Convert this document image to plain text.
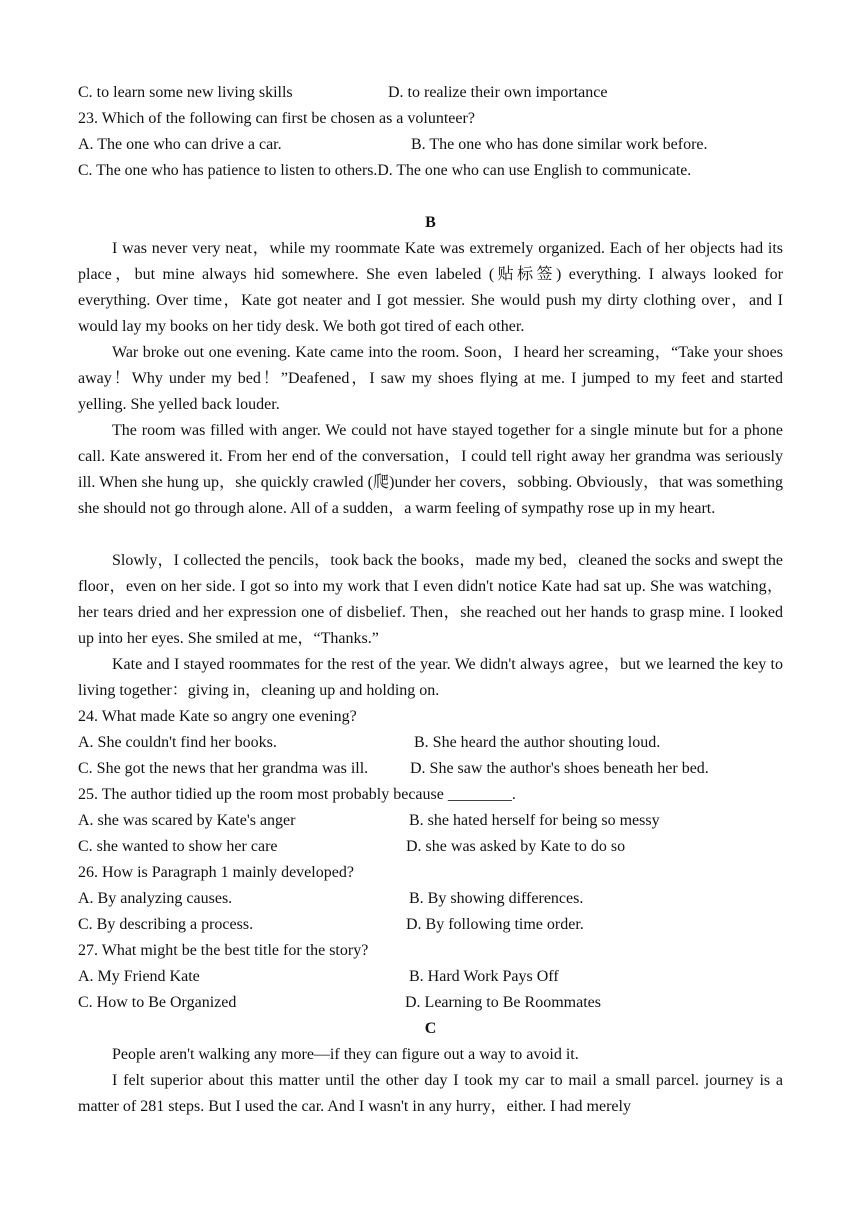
C. to learn some new living skills	D. to realize their own importance
23. Which of the following can first be chosen as a volunteer?
A. The one who can drive a car.	B. The one who has done similar work before.
C. The one who has patience to listen to others.D. The one who can use English to communicate.
B
I was never very neat，while my roommate Kate was extremely organized. Each of her objects had its place，but mine always hid somewhere. She even labeled (贴标签) everything. I always looked for everything. Over time，Kate got neater and I got messier. She would push my dirty clothing over，and I would lay my books on her tidy desk. We both got tired of each other.
War broke out one evening. Kate came into the room. Soon，I heard her screaming，“Take your shoes away！Why under my bed！”Deafened，I saw my shoes flying at me. I jumped to my feet and started yelling. She yelled back louder.
The room was filled with anger. We could not have stayed together for a single minute but for a phone call. Kate answered it. From her end of the conversation，I could tell right away her grandma was seriously ill. When she hung up，she quickly crawled (爬)under her covers，sobbing. Obviously，that was something she should not go through alone. All of a sudden，a warm feeling of sympathy rose up in my heart.
Slowly，I collected the pencils，took back the books，made my bed，cleaned the socks and swept the floor，even on her side. I got so into my work that I even didn't notice Kate had sat up. She was watching，her tears dried and her expression one of disbelief. Then，she reached out her hands to grasp mine. I looked up into her eyes. She smiled at me，“Thanks.”
Kate and I stayed roommates for the rest of the year. We didn't always agree，but we learned the key to living together：giving in，cleaning up and holding on.
24. What made Kate so angry one evening?
A. She couldn't find her books.	B. She heard the author shouting loud.
C. She got the news that her grandma was ill.	D. She saw the author's shoes beneath her bed.
25. The author tidied up the room most probably because ________.
A. she was scared by Kate's anger	B. she hated herself for being so messy
C. she wanted to show her care	D. she was asked by Kate to do so
26. How is Paragraph 1 mainly developed?
A. By analyzing causes.	B. By showing differences.
C. By describing a process.	D. By following time order.
27. What might be the best title for the story?
A. My Friend Kate	B. Hard Work Pays Off
C. How to Be Organized	D. Learning to Be Roommates
C
People aren't walking any more—if they can figure out a way to avoid it.
I felt superior about this matter until the other day I took my car to mail a small parcel. journey is a matter of 281 steps. But I used the car. And I wasn't in any hurry，either. I had merely
